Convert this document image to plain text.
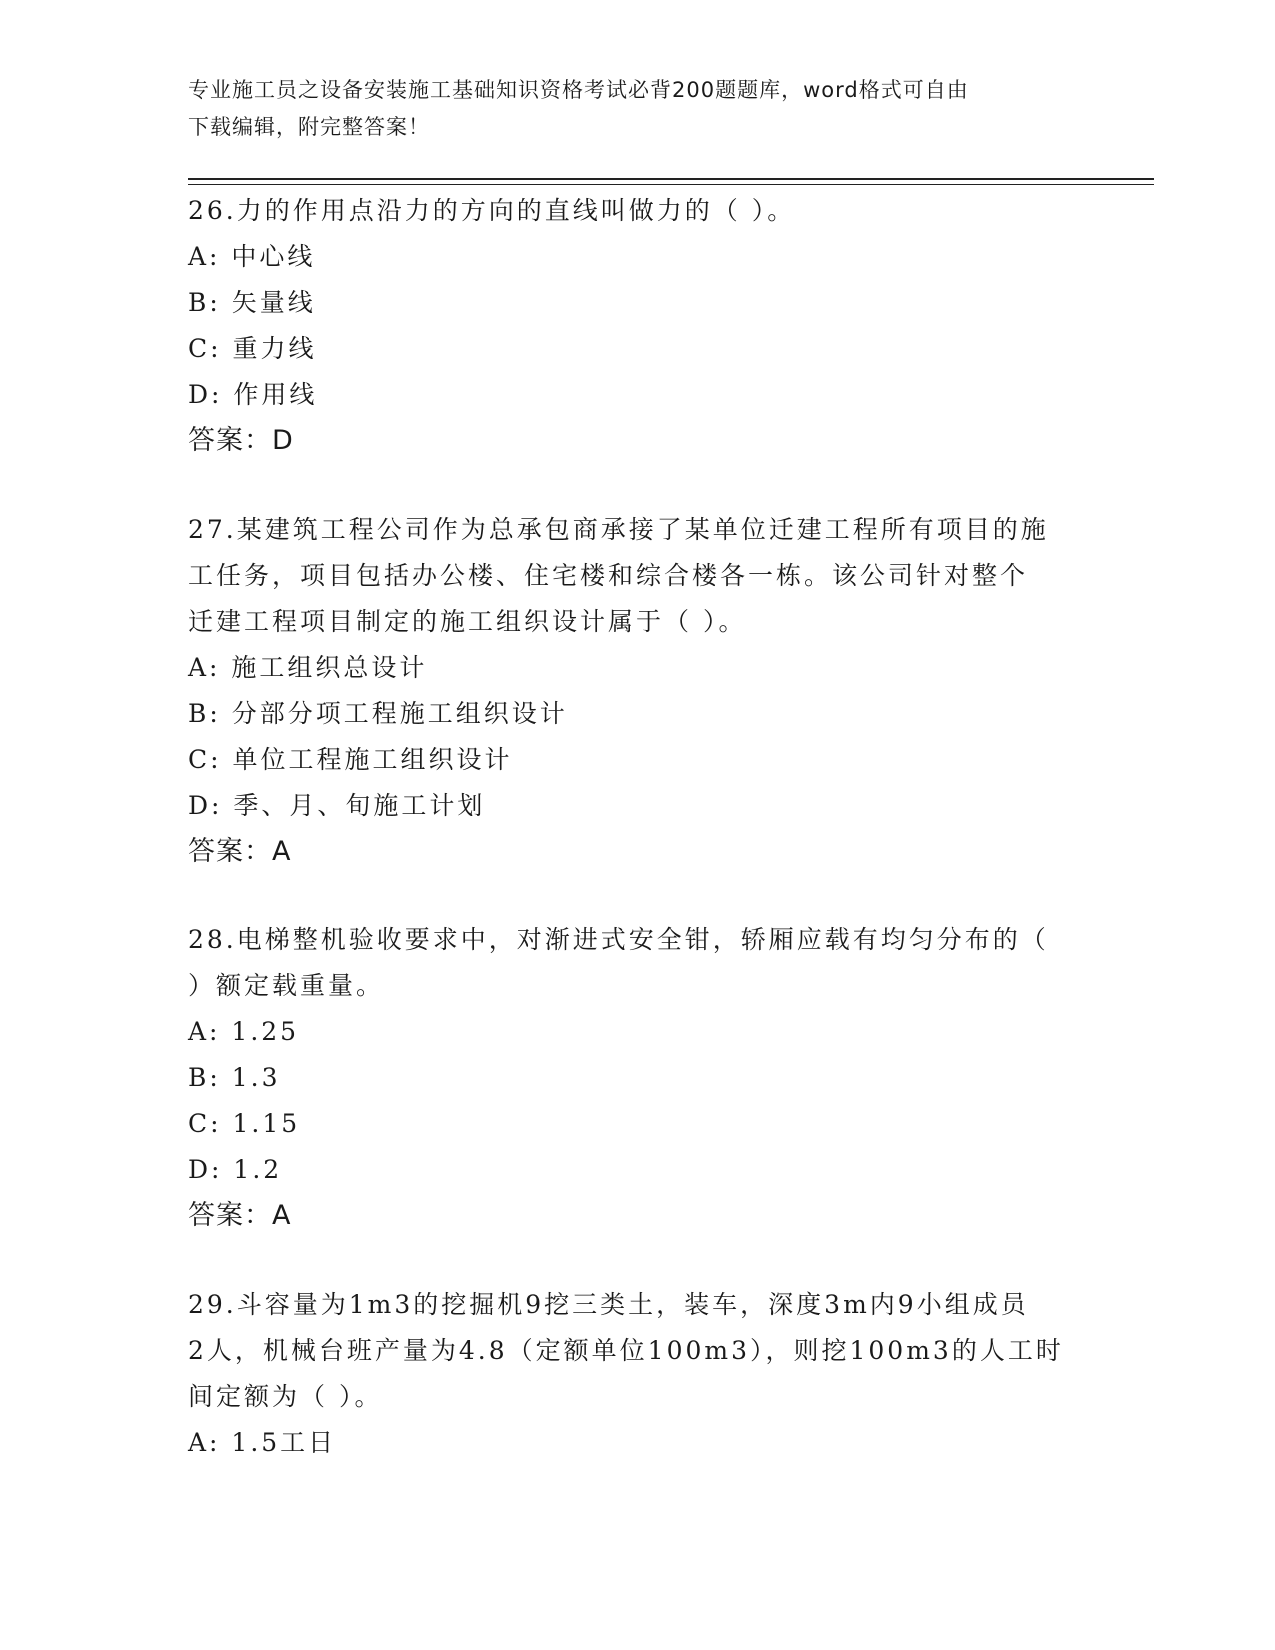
专业施工员之设备安装施工基础知识资格考试必背200题题库，word格式可自由
下载编辑，附完整答案！

26.力的作用点沿力的方向的直线叫做力的（ ）。

A: 中心线

B: 矢量线

C: 重力线

D: 作用线

答案：D

27.某建筑工程公司作为总承包商承接了某单位迁建工程所有项目的施

工任务，项目包括办公楼、住宅楼和综合楼各一栋。该公司针对整个

迁建工程项目制定的施工组织设计属于（ ）。

A: 施工组织总设计

B: 分部分项工程施工组织设计

C: 单位工程施工组织设计

D: 季、月、旬施工计划

答案：A

28.电梯整机验收要求中，对渐进式安全钳，轿厢应载有均匀分布的（

）额定载重量。

A: 1.25

B: 1.3

C: 1.15

D: 1.2

答案：A

29.斗容量为1m3的挖掘机9挖三类土，装车，深度3m内9小组成员

2人，机械台班产量为4.8（定额单位100m3），则挖100m3的人工时

间定额为（ ）。

A: 1.5工日
